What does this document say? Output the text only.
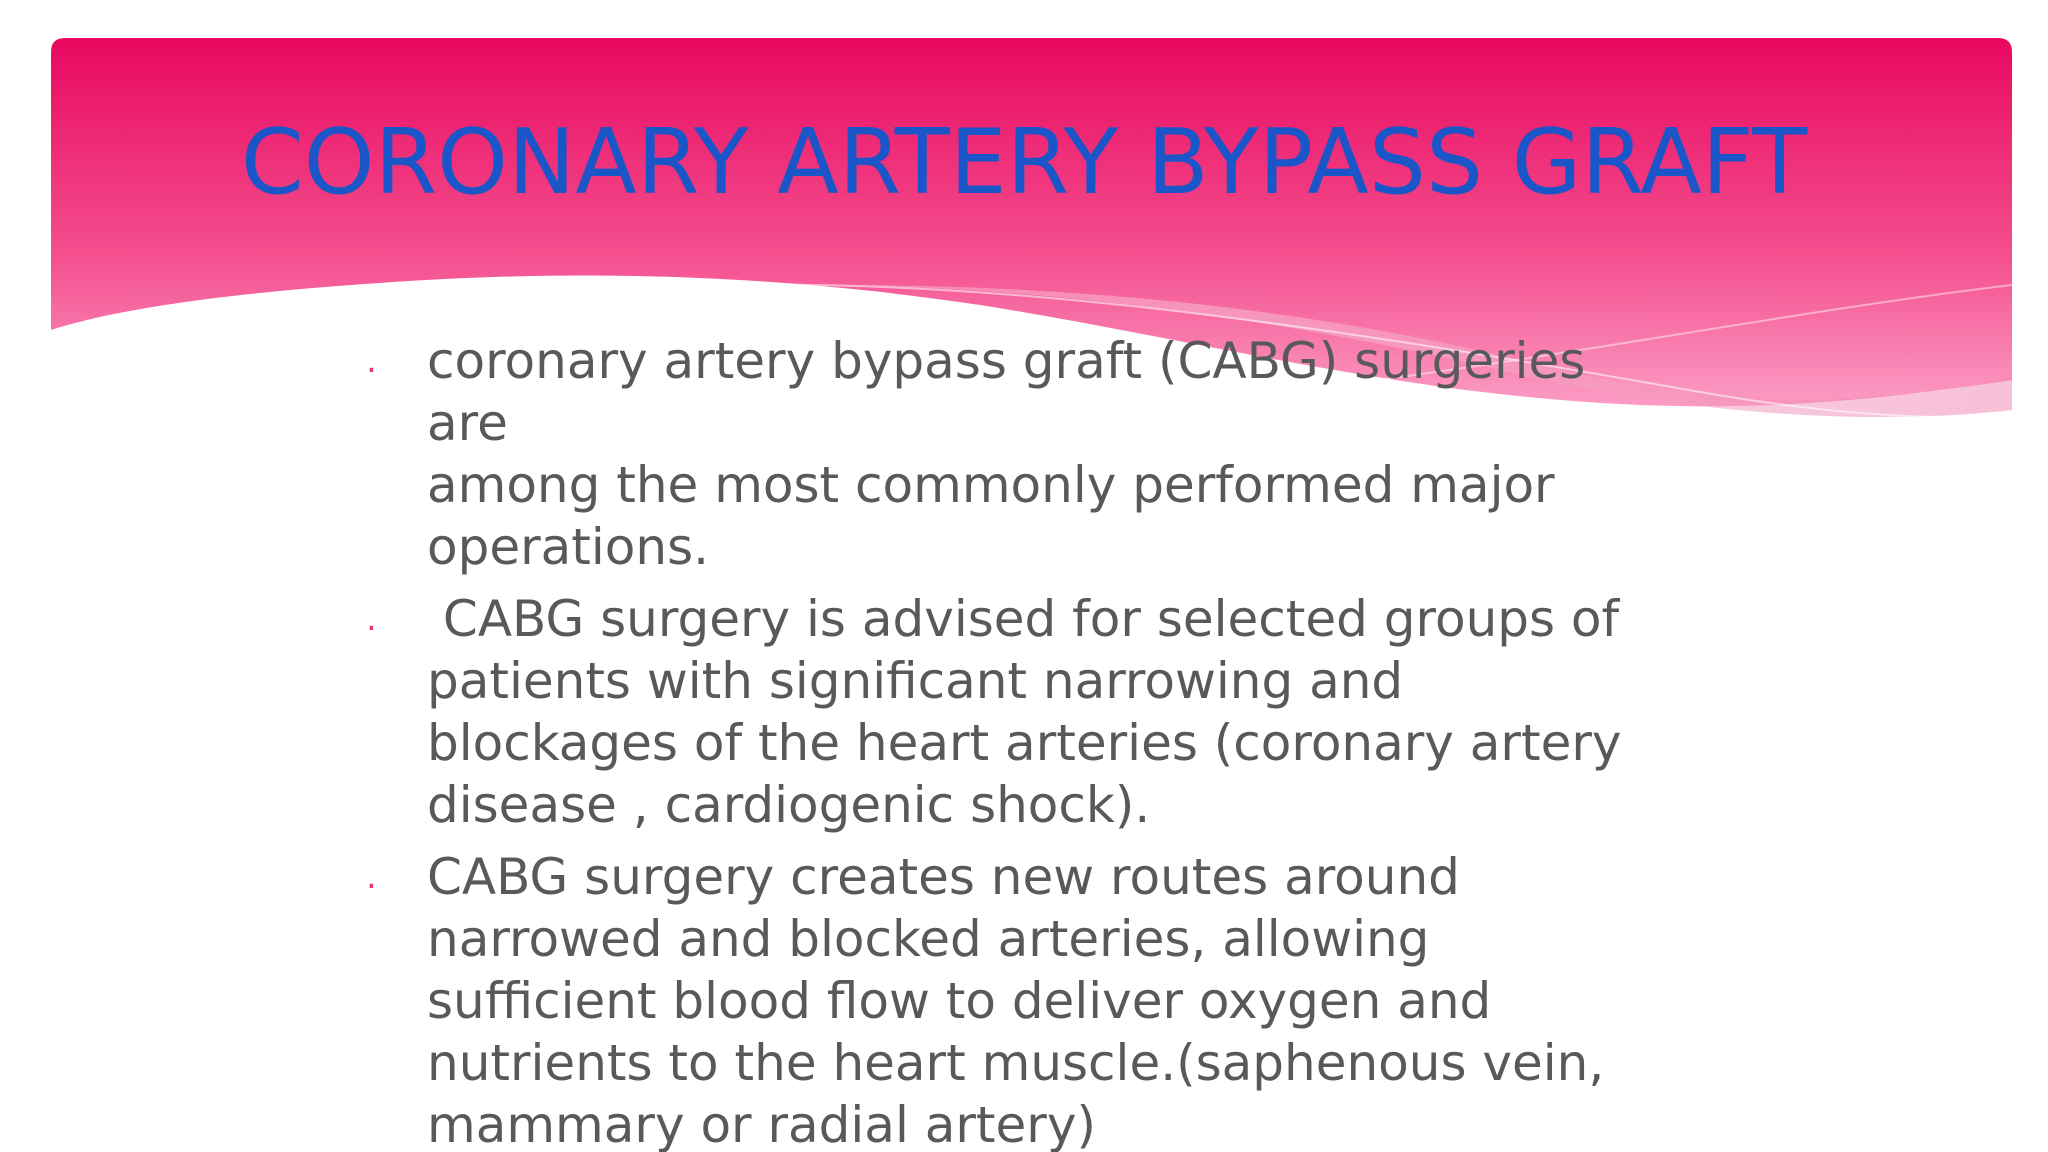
CORONARY ARTERY BYPASS GRAFT
. coronary artery bypass graft (CABG) surgeries are
among the most commonly performed major
operations.
.	CABG surgery is advised for selected groups of
patients with significant narrowing and
blockages of the heart arteries (coronary artery
disease , cardiogenic shock).
. CABG surgery creates new routes around
narrowed and blocked arteries, allowing
sufficient blood flow to deliver oxygen and
nutrients to the heart muscle.(saphenous vein,
mammary or radial artery)
